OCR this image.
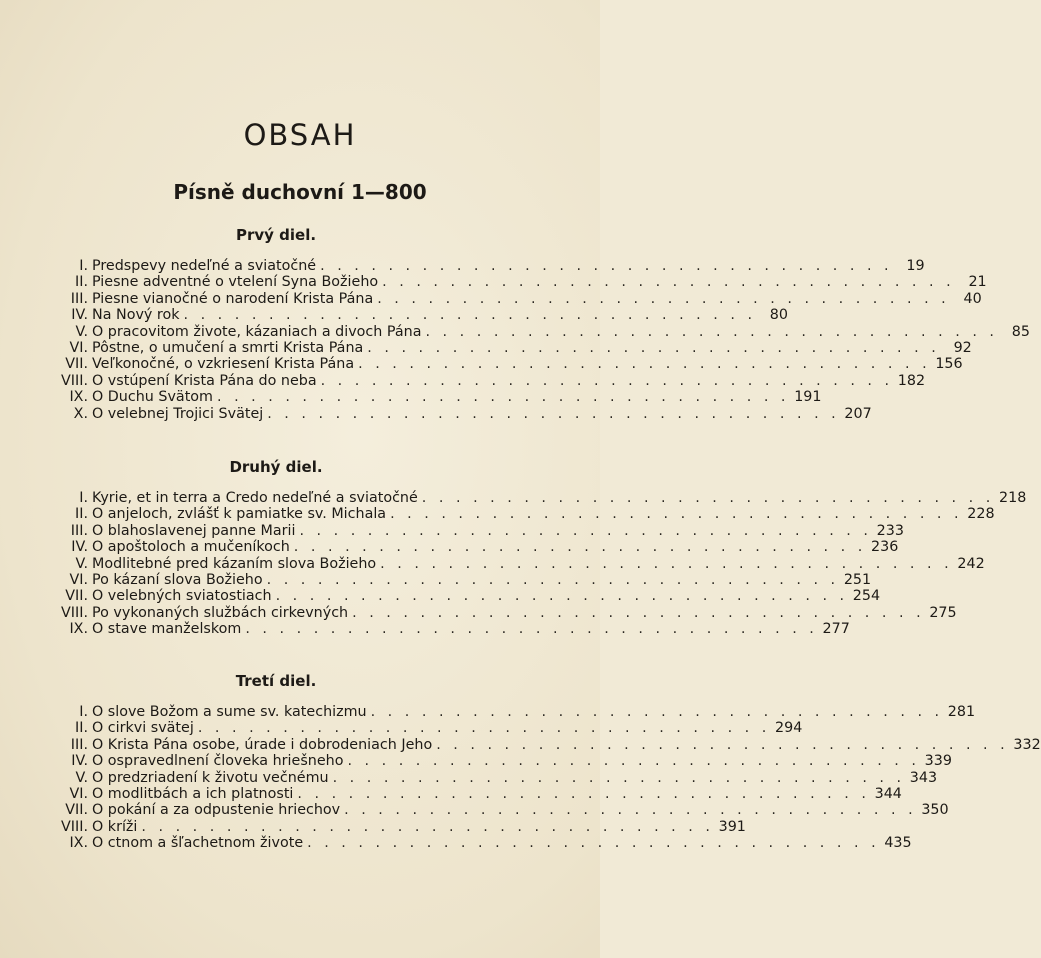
OBSAH
Písně duchovní 1—800
Prvý diel.
I. Predspevy nedeľné a sviatočné . . . . . . . . . . . . . . . . . . . . . . . . . . . . . . . . . . 19
II. Piesne adventné o vtelení Syna Božieho . . . . . . . . . . . . . . . . . . . . . . . . . . . . . . . . . . 21
III. Piesne vianočné o narodení Krista Pána . . . . . . . . . . . . . . . . . . . . . . . . . . . . . . . . . . 40
IV. Na Nový rok . . . . . . . . . . . . . . . . . . . . . . . . . . . . . . . . . . 80
V. O pracovitom živote, kázaniach a divoch Pána . . . . . . . . . . . . . . . . . . . . . . . . . . . . . . . . . . 85
VI. Pôstne, o umučení a smrti Krista Pána . . . . . . . . . . . . . . . . . . . . . . . . . . . . . . . . . . 92
VII. Veľkonočné, o vzkriesení Krista Pána . . . . . . . . . . . . . . . . . . . . . . . . . . . . . . . . . . 156
VIII. O vstúpení Krista Pána do neba . . . . . . . . . . . . . . . . . . . . . . . . . . . . . . . . . . 182
IX. O Duchu Svätom . . . . . . . . . . . . . . . . . . . . . . . . . . . . . . . . . . 191
X. O velebnej Trojici Svätej . . . . . . . . . . . . . . . . . . . . . . . . . . . . . . . . . . 207
Druhý diel.
I. Kyrie, et in terra a Credo nedeľné a sviatočné . . . . . . . . . . . . . . . . . . . . . . . . . . . . . . . . . . 218
II. O anjeloch, zvlášť k pamiatke sv. Michala . . . . . . . . . . . . . . . . . . . . . . . . . . . . . . . . . . 228
III. O blahoslavenej panne Marii . . . . . . . . . . . . . . . . . . . . . . . . . . . . . . . . . . 233
IV. O apoštoloch a mučeníkoch . . . . . . . . . . . . . . . . . . . . . . . . . . . . . . . . . . 236
V. Modlitebné pred kázaním slova Božieho . . . . . . . . . . . . . . . . . . . . . . . . . . . . . . . . . . 242
VI. Po kázaní slova Božieho . . . . . . . . . . . . . . . . . . . . . . . . . . . . . . . . . . 251
VII. O velebných sviatostiach . . . . . . . . . . . . . . . . . . . . . . . . . . . . . . . . . . 254
VIII. Po vykonaných službách cirkevných . . . . . . . . . . . . . . . . . . . . . . . . . . . . . . . . . . 275
IX. O stave manželskom . . . . . . . . . . . . . . . . . . . . . . . . . . . . . . . . . . 277
Tretí diel.
I. O slove Božom a sume sv. katechizmu . . . . . . . . . . . . . . . . . . . . . . . . . . . . . . . . . . 281
II. O cirkvi svätej . . . . . . . . . . . . . . . . . . . . . . . . . . . . . . . . . . 294
III. O Krista Pána osobe, úrade i dobrodeniach Jeho . . . . . . . . . . . . . . . . . . . . . . . . . . . . . . . . . . 332
IV. O ospravedlnení človeka hriešneho . . . . . . . . . . . . . . . . . . . . . . . . . . . . . . . . . . 339
V. O predzriadení k životu večnému . . . . . . . . . . . . . . . . . . . . . . . . . . . . . . . . . . 343
VI. O modlitbách a ich platnosti . . . . . . . . . . . . . . . . . . . . . . . . . . . . . . . . . . 344
VII. O pokání a za odpustenie hriechov . . . . . . . . . . . . . . . . . . . . . . . . . . . . . . . . . . 350
VIII. O kríži . . . . . . . . . . . . . . . . . . . . . . . . . . . . . . . . . . 391
IX. O ctnom a šľachetnom živote . . . . . . . . . . . . . . . . . . . . . . . . . . . . . . . . . . 435
